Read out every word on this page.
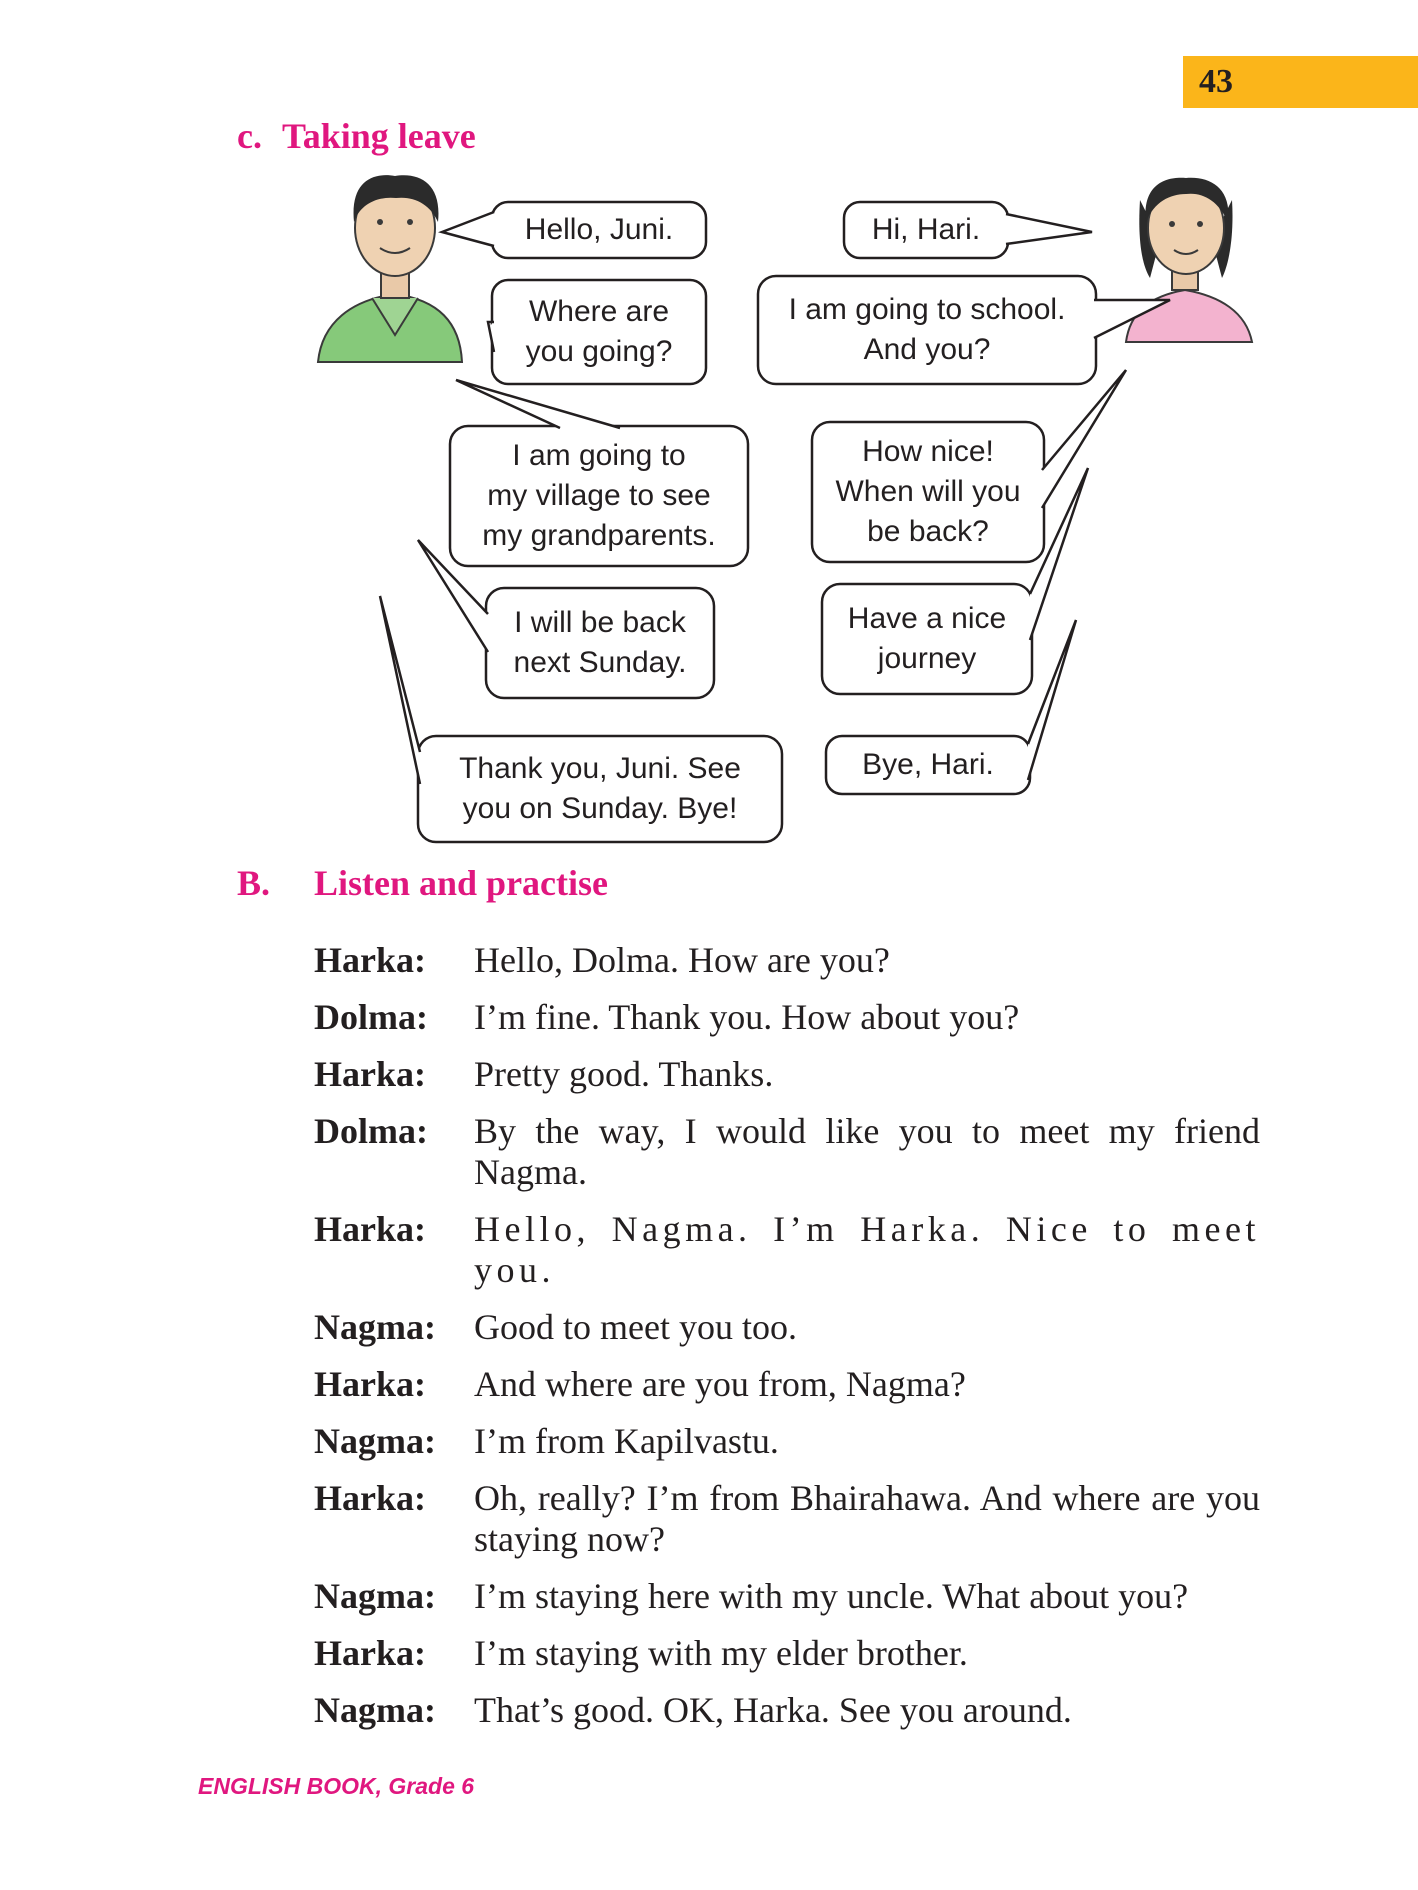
43
c. Taking leave
Hello, Juni.
Where are
you going?
I am going to
my village to see
my grandparents.
I will be back
next Sunday.
Thank you, Juni. See
you on Sunday. Bye!
Hi, Hari.
I am going to school.
And you?
How nice!
When will you
be back?
Have a nice
journey
Bye, Hari.
B. Listen and practise
Harka:	Hello, Dolma. How are you?
Dolma:	I’m fine. Thank you. How about you?
Harka:	Pretty good. Thanks.
Dolma:	By the way, I would like you to meet my friend Nagma.
Harka:	Hello, Nagma. I’m Harka. Nice to meet you.
Nagma:	Good to meet you too.
Harka:	And where are you from, Nagma?
Nagma:	I’m from Kapilvastu.
Harka:	Oh, really? I’m from Bhairahawa. And where are you staying now?
Nagma:	I’m staying here with my uncle. What about you?
Harka:	I’m staying with my elder brother.
Nagma:	That’s good. OK, Harka. See you around.
ENGLISH BOOK, Grade 6
